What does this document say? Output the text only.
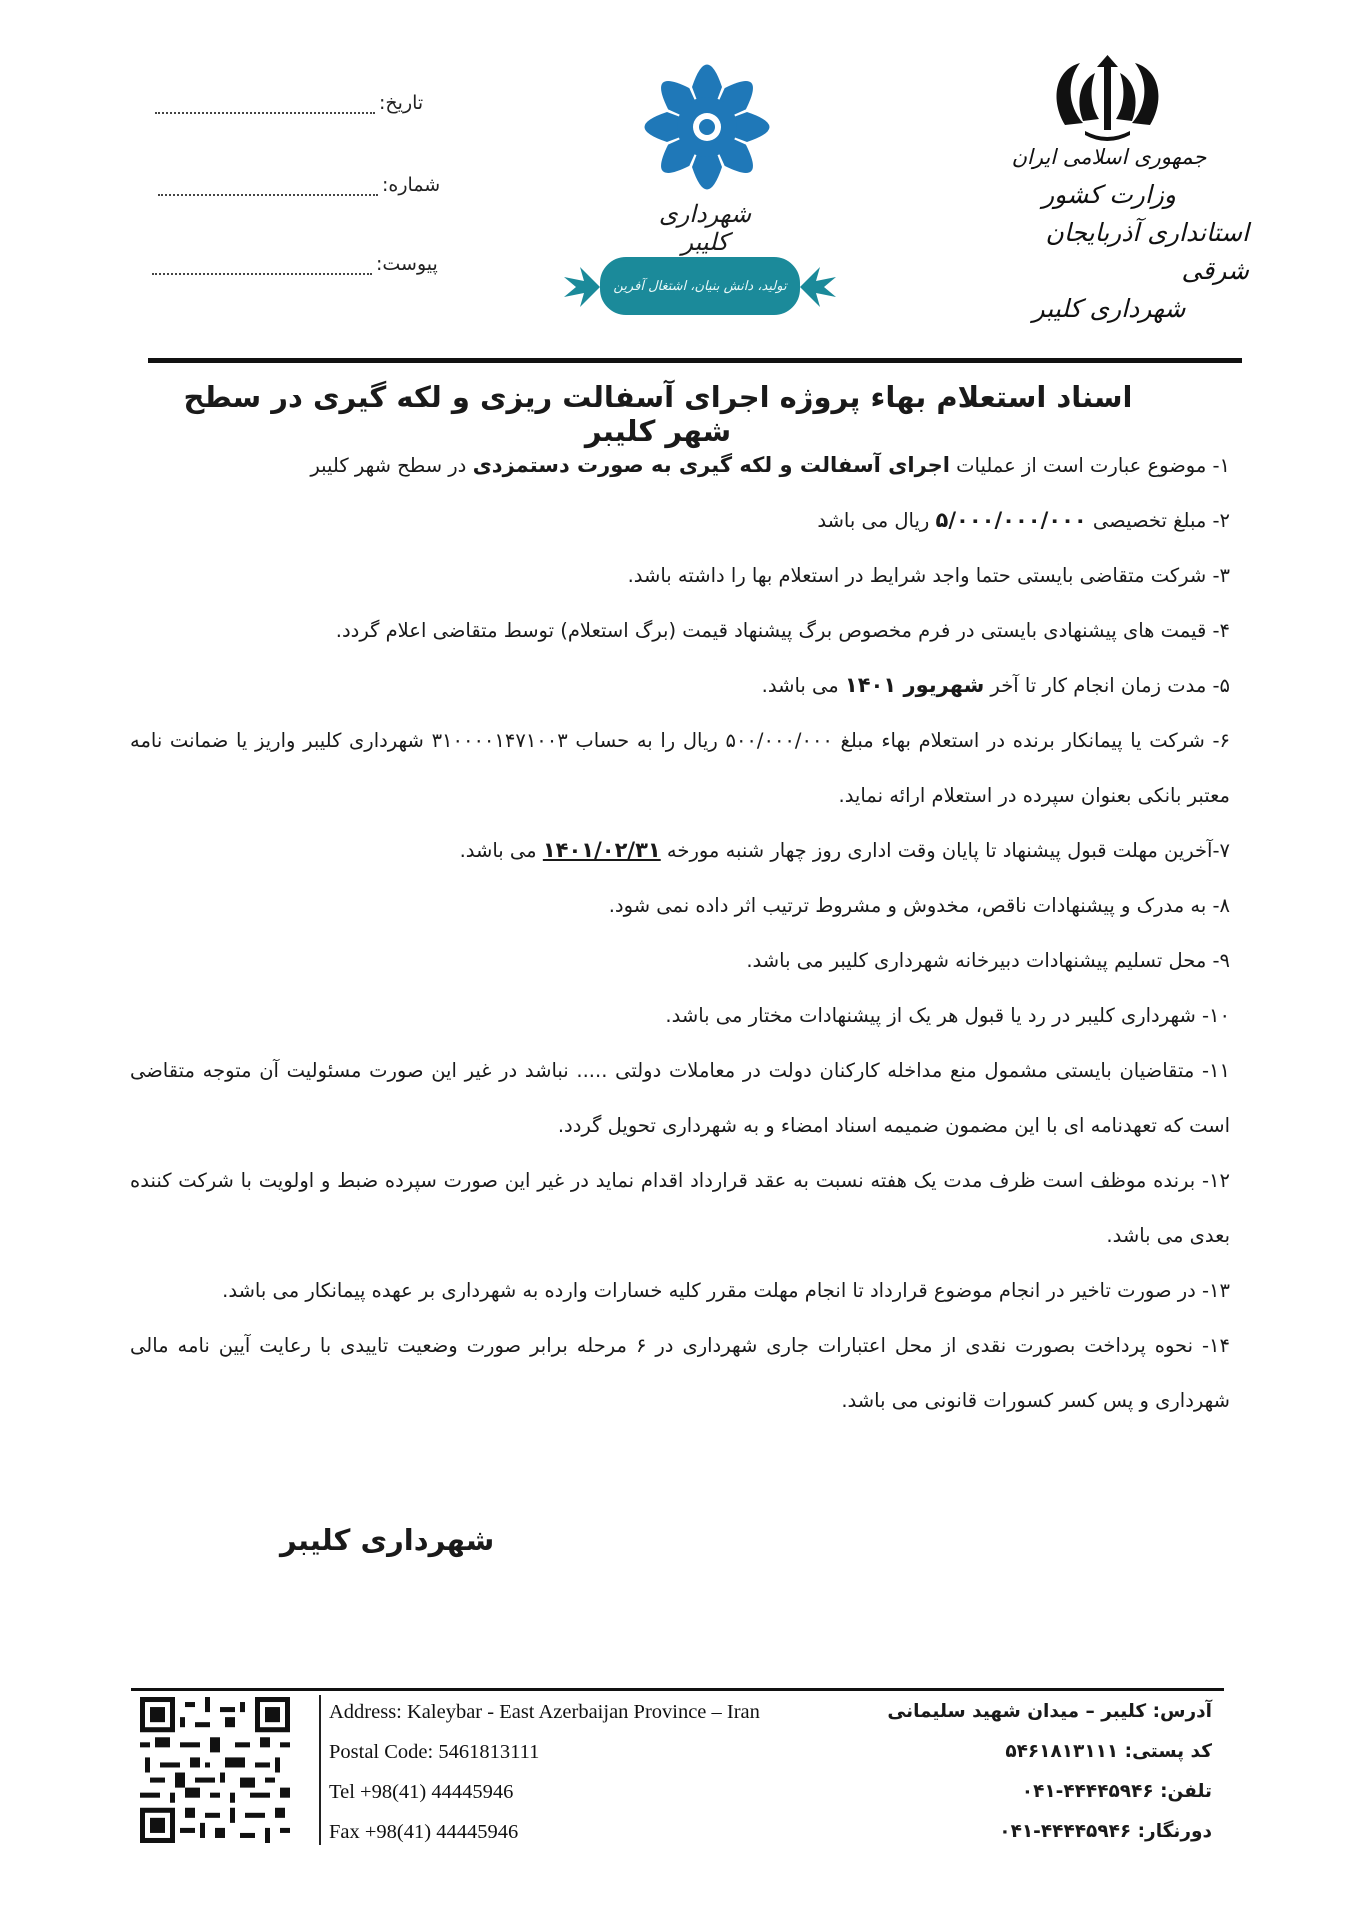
جمهوری اسلامی ایران
وزارت کشور
استانداری آذربایجان شرقی
شهرداری کلیبر
شهرداری کلیبر
تولید، دانش بنیان، اشتغال آفرین
تاریخ:
شماره:
پیوست:
اسناد استعلام بهاء پروژه اجرای آسفالت ریزی و لکه گیری در سطح شهر کلیبر

۱- موضوع عبارت است از عملیات اجرای آسفالت و لکه گیری به صورت دستمزدی در سطح شهر کلیبر

۲- مبلغ تخصیصی ۵/۰۰۰/۰۰۰/۰۰۰ ریال می باشد

۳- شرکت متقاضی بایستی حتما واجد شرایط در استعلام بها را داشته باشد.

۴- قیمت های پیشنهادی بایستی در فرم مخصوص برگ پیشنهاد قیمت (برگ استعلام) توسط متقاضی اعلام گردد.

۵- مدت زمان انجام کار تا آخر شهریور ۱۴۰۱ می باشد.

۶- شرکت یا پیمانکار برنده در استعلام بهاء مبلغ ۵۰۰/۰۰۰/۰۰۰ ریال را به حساب ۳۱۰۰۰۰۱۴۷۱۰۰۳ شهرداری کلیبر واریز یا ضمانت نامه معتبر بانکی بعنوان سپرده در استعلام ارائه نماید.

۷-آخرین مهلت قبول پیشنهاد تا پایان وقت اداری روز چهار شنبه مورخه ۱۴۰۱/۰۲/۳۱ می باشد.

۸- به مدرک و پیشنهادات ناقص، مخدوش و مشروط ترتیب اثر داده نمی شود.

۹- محل تسلیم پیشنهادات دبیرخانه شهرداری کلیبر می باشد.

۱۰- شهرداری کلیبر در رد یا قبول هر یک از پیشنهادات مختار می باشد.

۱۱- متقاضیان بایستی مشمول منع مداخله کارکنان دولت در معاملات دولتی ..... نباشد در غیر این صورت مسئولیت آن متوجه متقاضی است که تعهدنامه ای با این مضمون ضمیمه اسناد امضاء و به شهرداری تحویل گردد.

۱۲- برنده موظف است ظرف مدت یک هفته نسبت به عقد قرارداد اقدام نماید در غیر این صورت سپرده ضبط و اولویت با شرکت کننده بعدی می باشد.

۱۳- در صورت تاخیر در انجام موضوع قرارداد تا انجام مهلت مقرر کلیه خسارات وارده به شهرداری بر عهده پیمانکار می باشد.

۱۴- نحوه پرداخت بصورت نقدی از محل اعتبارات جاری شهرداری در ۶ مرحله برابر صورت وضعیت تاییدی با رعایت آیین نامه مالی شهرداری و پس کسر کسورات قانونی می باشد.

شهرداری کلیبر
Address: Kaleybar - East Azerbaijan Province – Iran
Postal Code: 5461813111
Tel +98(41) 44445946
Fax +98(41) 44445946
آدرس: کلیبر – میدان شهید سلیمانی
کد پستی: ۵۴۶۱۸۱۳۱۱۱
تلفن: ۴۴۴۴۵۹۴۶-۰۴۱
دورنگار: ۴۴۴۴۵۹۴۶-۰۴۱
